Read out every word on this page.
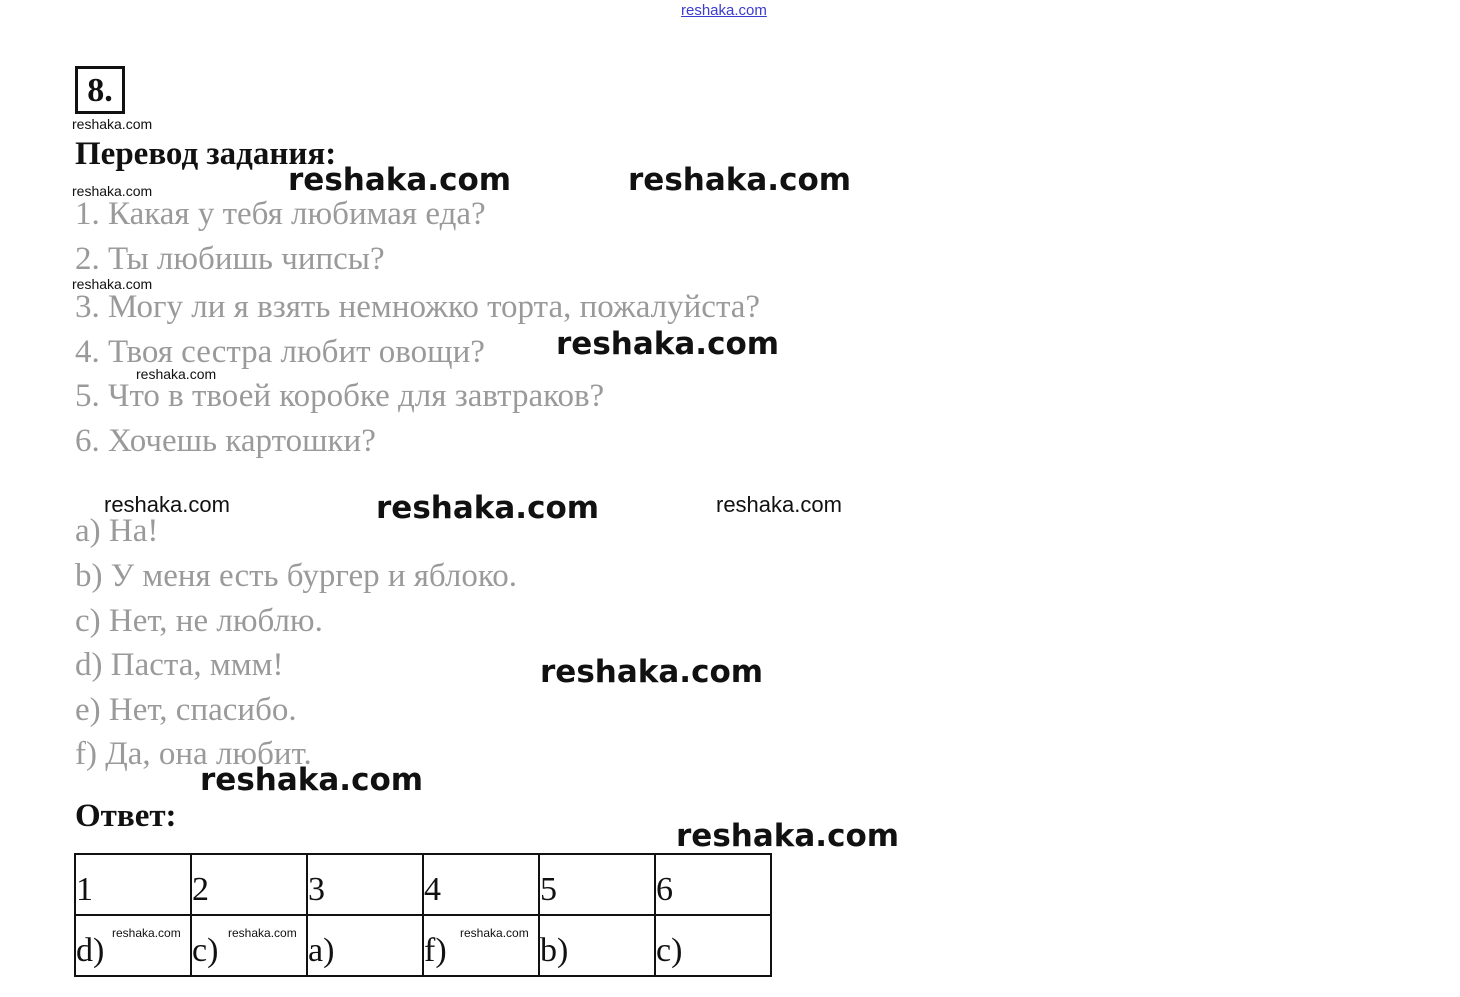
reshaka.com
8.
reshaka.com
Перевод задания:
reshaka.com	reshaka.com	reshaka.com
1. Какая у тебя любимая еда?
2. Ты любишь чипсы?
reshaka.com
3. Могу ли я взять немножко торта, пожалуйста?
4. Твоя сестра любит овощи? reshaka.com
reshaka.com
5. Что в твоей коробке для завтраков?
6. Хочешь картошки?
reshaka.com	reshaka.com	reshaka.com
a) На!
b) У меня есть бургер и яблоко.
c) Нет, не люблю.
d) Паста, ммм!	reshaka.com
e) Нет, спасибо.
f) Да, она любит.
reshaka.com
Ответ:
reshaka.com
1	2	3	4	5	6
d) reshaka.com	c) reshaka.com	a)	f) reshaka.com	b)	c)
